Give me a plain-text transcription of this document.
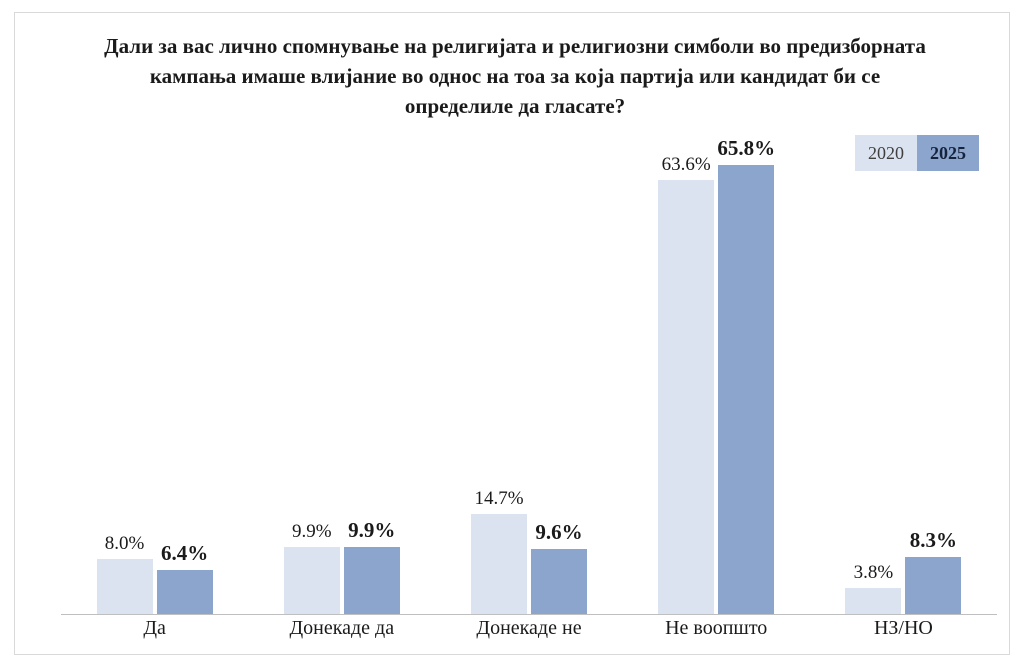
Дали за вас лично спомнување на религијата и религиозни симболи во предизборната кампања имаше влијание во однос на тоа за која партија или кандидат би се определиле да гласате?
2020 2025
8.0% 6.4%
9.9% 9.9%
14.7%
9.6%
63.6%
65.8%
3.8%
8.3%
Да	Донекаде да	Донекаде не	Не воопшто	НЗ/НО
